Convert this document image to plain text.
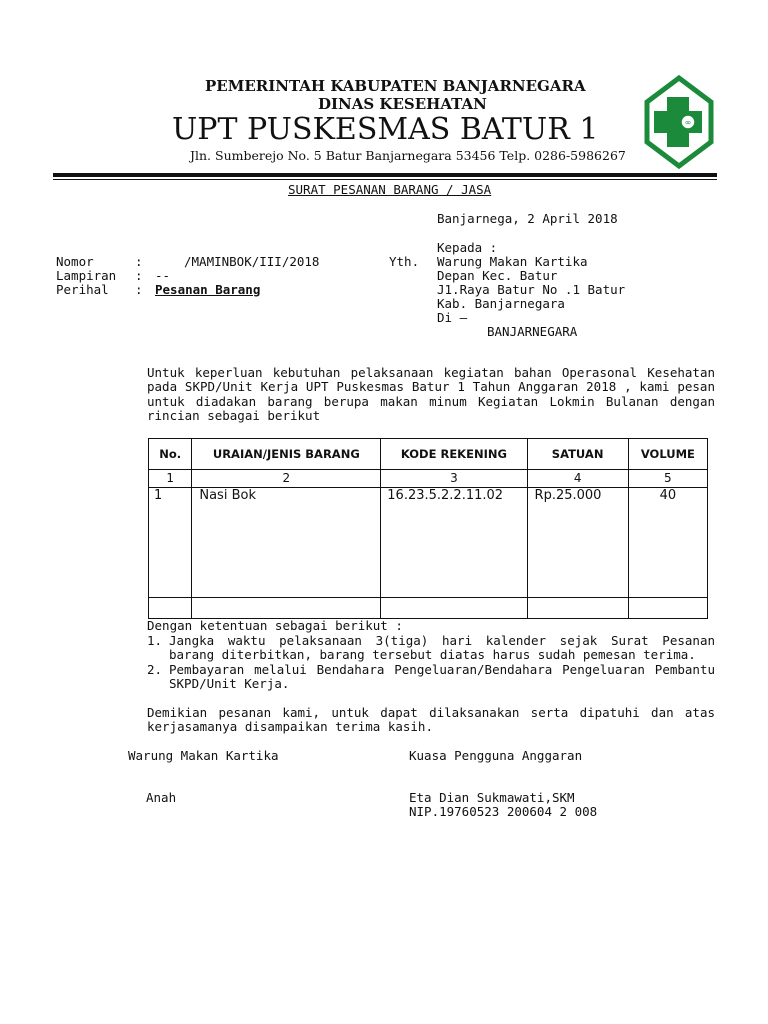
PEMERINTAH KABUPATEN BANJARNEGARA
DINAS KESEHATAN
UPT PUSKESMAS BATUR 1
Jln. Sumberejo No. 5 Batur Banjarnegara 53456 Telp. 0286-5986267
∞
SURAT PESANAN BARANG / JASA
Banjarnega, 2 April 2018
Kepada :
Yth. Warung Makan Kartika
Depan Kec. Batur
J1.Raya Batur No .1 Batur
Kab. Banjarnegara
Di –
BANJARNEGARA
Nomor	:	/MAMINBOK/III/2018
Lampiran : --
Perihal : Pesanan Barang
Untuk keperluan kebutuhan pelaksanaan kegiatan bahan Operasonal Kesehatan pada SKPD/Unit Kerja UPT Puskesmas Batur 1 Tahun Anggaran 2018 , kami pesan untuk diadakan barang berupa makan minum Kegiatan Lokmin Bulanan dengan rincian sebagai berikut
No.	URAIAN/JENIS BARANG	KODE REKENING	SATUAN	VOLUME
1	2	3	4	5
1	Nasi Bok	16.23.5.2.2.11.02	Rp.25.000	40

Dengan ketentuan sebagai berikut :
1. Jangka waktu pelaksanaan 3(tiga) hari kalender sejak Surat Pesanan barang diterbitkan, barang tersebut diatas harus sudah pemesan terima.
2. Pembayaran melalui Bendahara Pengeluaran/Bendahara Pengeluaran Pembantu SKPD/Unit Kerja.
Demikian pesanan kami, untuk dapat dilaksanakan serta dipatuhi dan atas kerjasamanya disampaikan terima kasih.
Warung Makan Kartika
Anah
Kuasa Pengguna Anggaran
Eta Dian Sukmawati,SKM
NIP.19760523 200604 2 008
